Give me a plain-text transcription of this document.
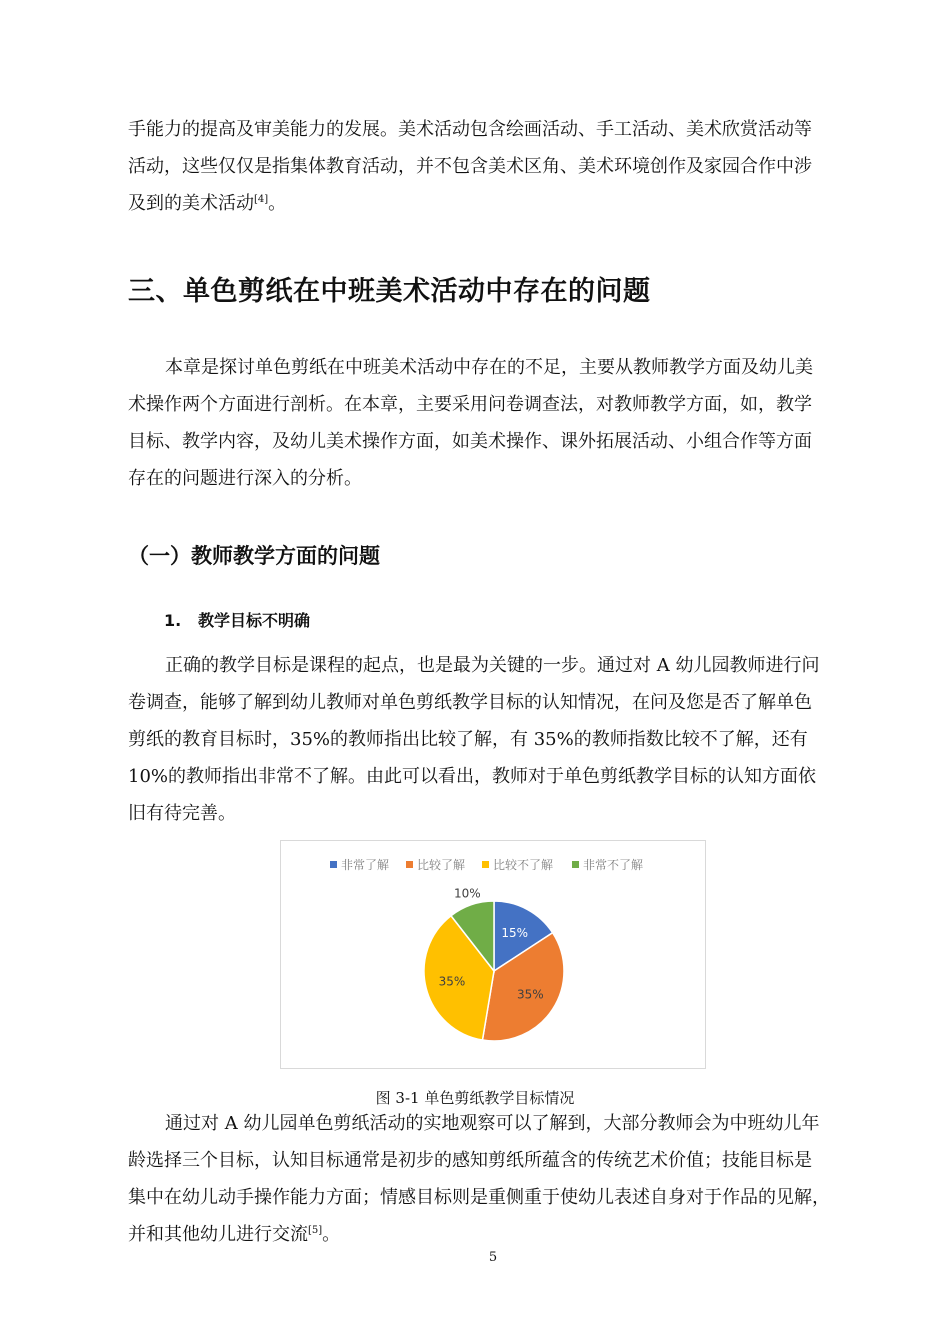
手能力的提高及审美能力的发展。美术活动包含绘画活动、手工活动、美术欣赏活动等
活动，这些仅仅是指集体教育活动，并不包含美术区角、美术环境创作及家园合作中涉
及到的美术活动[4]。

三、单色剪纸在中班美术活动中存在的问题

本章是探讨单色剪纸在中班美术活动中存在的不足，主要从教师教学方面及幼儿美
术操作两个方面进行剖析。在本章，主要采用问卷调查法，对教师教学方面，如，教学
目标、教学内容，及幼儿美术操作方面，如美术操作、课外拓展活动、小组合作等方面
存在的问题进行深入的分析。

（一）教师教学方面的问题
1. 教学目标不明确

正确的教学目标是课程的起点，也是最为关键的一步。通过对 A 幼儿园教师进行问
卷调查，能够了解到幼儿教师对单色剪纸教学目标的认知情况，在问及您是否了解单色
剪纸的教育目标时，35%的教师指出比较了解，有 35%的教师指数比较不了解，还有
10%的教师指出非常不了解。由此可以看出，教师对于单色剪纸教学目标的认知方面依
旧有待完善。

非常了解 比较了解 比较不了解 非常不了解
15%
35%
35%
10%

图 3-1 单色剪纸教学目标情况

通过对 A 幼儿园单色剪纸活动的实地观察可以了解到，大部分教师会为中班幼儿年
龄选择三个目标，认知目标通常是初步的感知剪纸所蕴含的传统艺术价值；技能目标是
集中在幼儿动手操作能力方面；情感目标则是重侧重于使幼儿表述自身对于作品的见解，
并和其他幼儿进行交流[5]。

5
